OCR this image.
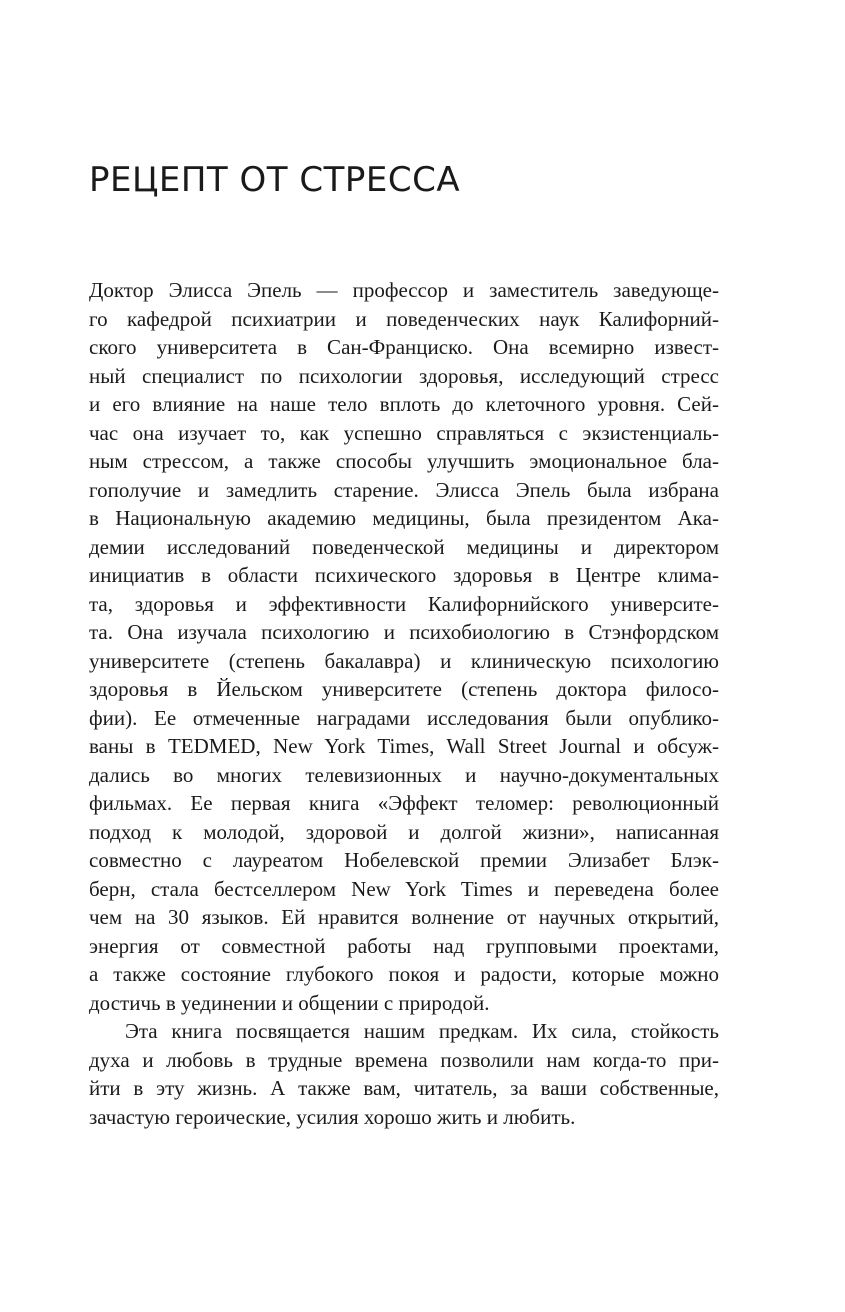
РЕЦЕПТ ОТ СТРЕССА
Доктор Элисса Эпель — профессор и заместитель заведующе-
го кафедрой психиатрии и поведенческих наук Калифорний-
ского университета в Сан-Франциско. Она всемирно извест-
ный специалист по психологии здоровья, исследующий стресс
и его влияние на наше тело вплоть до клеточного уровня. Сей-
час она изучает то, как успешно справляться с экзистенциаль-
ным стрессом, а также способы улучшить эмоциональное бла-
гополучие и замедлить старение. Элисса Эпель была избрана
в Национальную академию медицины, была президентом Ака-
демии исследований поведенческой медицины и директором
инициатив в области психического здоровья в Центре клима-
та, здоровья и эффективности Калифорнийского университе-
та. Она изучала психологию и психобиологию в Стэнфордском
университете (степень бакалавра) и клиническую психологию
здоровья в Йельском университете (степень доктора филосо-
фии). Ее отмеченные наградами исследования были опублико-
ваны в TEDMED, New York Times, Wall Street Journal и обсуж-
дались во многих телевизионных и научно-документальных
фильмах. Ее первая книга «Эффект теломер: революционный
подход к молодой, здоровой и долгой жизни», написанная
совместно с лауреатом Нобелевской премии Элизабет Блэк-
берн, стала бестселлером New York Times и переведена более
чем на 30 языков. Ей нравится волнение от научных открытий,
энергия от совместной работы над групповыми проектами,
а также состояние глубокого покоя и радости, которые можно
достичь в уединении и общении с природой.
Эта книга посвящается нашим предкам. Их сила, стойкость
духа и любовь в трудные времена позволили нам когда-то при-
йти в эту жизнь. А также вам, читатель, за ваши собственные,
зачастую героические, усилия хорошо жить и любить.
